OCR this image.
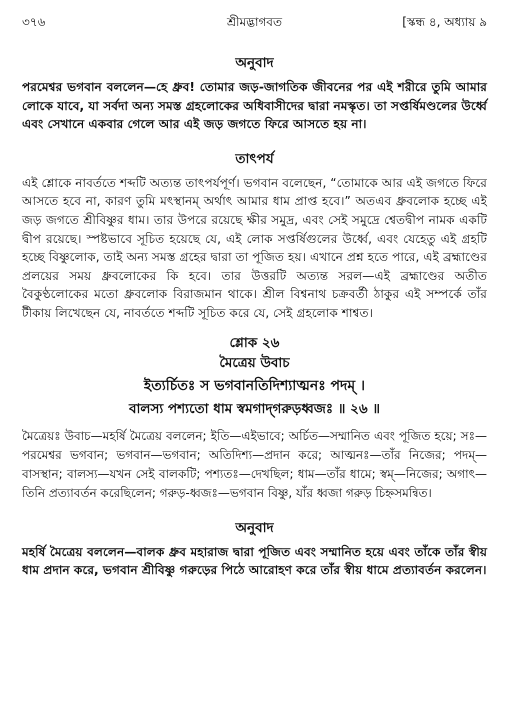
৩৭৬	শ্রীমদ্ভাগবত	[স্কন্ধ ৪, অধ্যায় ৯
অনুবাদ

পরমেশ্বর ভগবান বললেন—হে ধ্রুব! তোমার জড়-জাগতিক জীবনের পর এই শরীরে তুমি আমার লোকে যাবে, যা সর্বদা অন্য সমস্ত গ্রহলোকের অধিবাসীদের দ্বারা নমস্কৃত। তা সপ্তর্ষিমণ্ডলের উর্ধ্বে এবং সেখানে একবার গেলে আর এই জড় জগতে ফিরে আসতে হয় না।

তাৎপর্য

এই শ্লোকে নাবর্ততে শব্দটি অত্যন্ত তাৎপর্যপূর্ণ। ভগবান বলেছেন, “তোমাকে আর এই জগতে ফিরে আসতে হবে না, কারণ তুমি মৎস্থানম্ অর্থাৎ আমার ধাম প্রাপ্ত হবে।” অতএব ধ্রুবলোক হচ্ছে এই জড় জগতে শ্রীবিষ্ণুর ধাম। তার উপরে রয়েছে ক্ষীর সমুদ্র, এবং সেই সমুদ্রে শ্বেতদ্বীপ নামক একটি দ্বীপ রয়েছে। স্পষ্টভাবে সূচিত হয়েছে যে, এই লোক সপ্তর্ষিগুলের উর্ধ্বে, এবং যেহেতু এই গ্রহটি হচ্ছে বিষ্ণুলোক, তাই অন্য সমস্ত গ্রহের দ্বারা তা পূজিত হয়। এখানে প্রশ্ন হতে পারে, এই ব্রহ্মাণ্ডের প্রলয়ের সময় ধ্রুবলোকের কি হবে। তার উত্তরটি অত্যন্ত সরল—এই ব্রহ্মাণ্ডের অতীত বৈকুণ্ঠলোকের মতো ধ্রুবলোক বিরাজমান থাকে। শ্রীল বিশ্বনাথ চক্রবর্তী ঠাকুর এই সম্পর্কে তাঁর টীকায় লিখেছেন যে, নাবর্ততে শব্দটি সূচিত করে যে, সেই গ্রহলোক শাশ্বত।

শ্লোক ২৬

মৈত্রেয় উবাচ

ইত্যর্চিতঃ স ভগবানতিদিশ্যাত্মনঃ পদম্ ।

বালস্য পশ্যতো ধাম স্বমগাদ্‌গরুড়ধ্বজঃ ॥ ২৬ ॥

মৈত্রেয়ঃ উবাচ—মহর্ষি মৈত্রেয় বললেন; ইতি—এইভাবে; অর্চিত—সম্মানিত এবং পূজিত হয়ে; সঃ—পরমেশ্বর ভগবান; ভগবান—ভগবান; অতিদিশ্য—প্রদান করে; আত্মনঃ—তাঁর নিজের; পদম্—বাসস্থান; বালস্য—যখন সেই বালকটি; পশ্যতঃ—দেখছিল; ধাম—তাঁর ধামে; স্বম্—নিজের; অগাৎ—তিনি প্রত্যাবর্তন করেছিলেন; গরুড়-ধ্বজঃ—ভগবান বিষ্ণু, যাঁর ধ্বজা গরুড় চিহ্নসমন্বিত।

অনুবাদ

মহর্ষি মৈত্রেয় বললেন—বালক ধ্রুব মহারাজ দ্বারা পূজিত এবং সম্মানিত হয়ে এবং তাঁকে তাঁর স্বীয় ধাম প্রদান করে, ভগবান শ্রীবিষ্ণু গরুড়ের পিঠে আরোহণ করে তাঁর স্বীয় ধামে প্রত্যাবর্তন করলেন।
